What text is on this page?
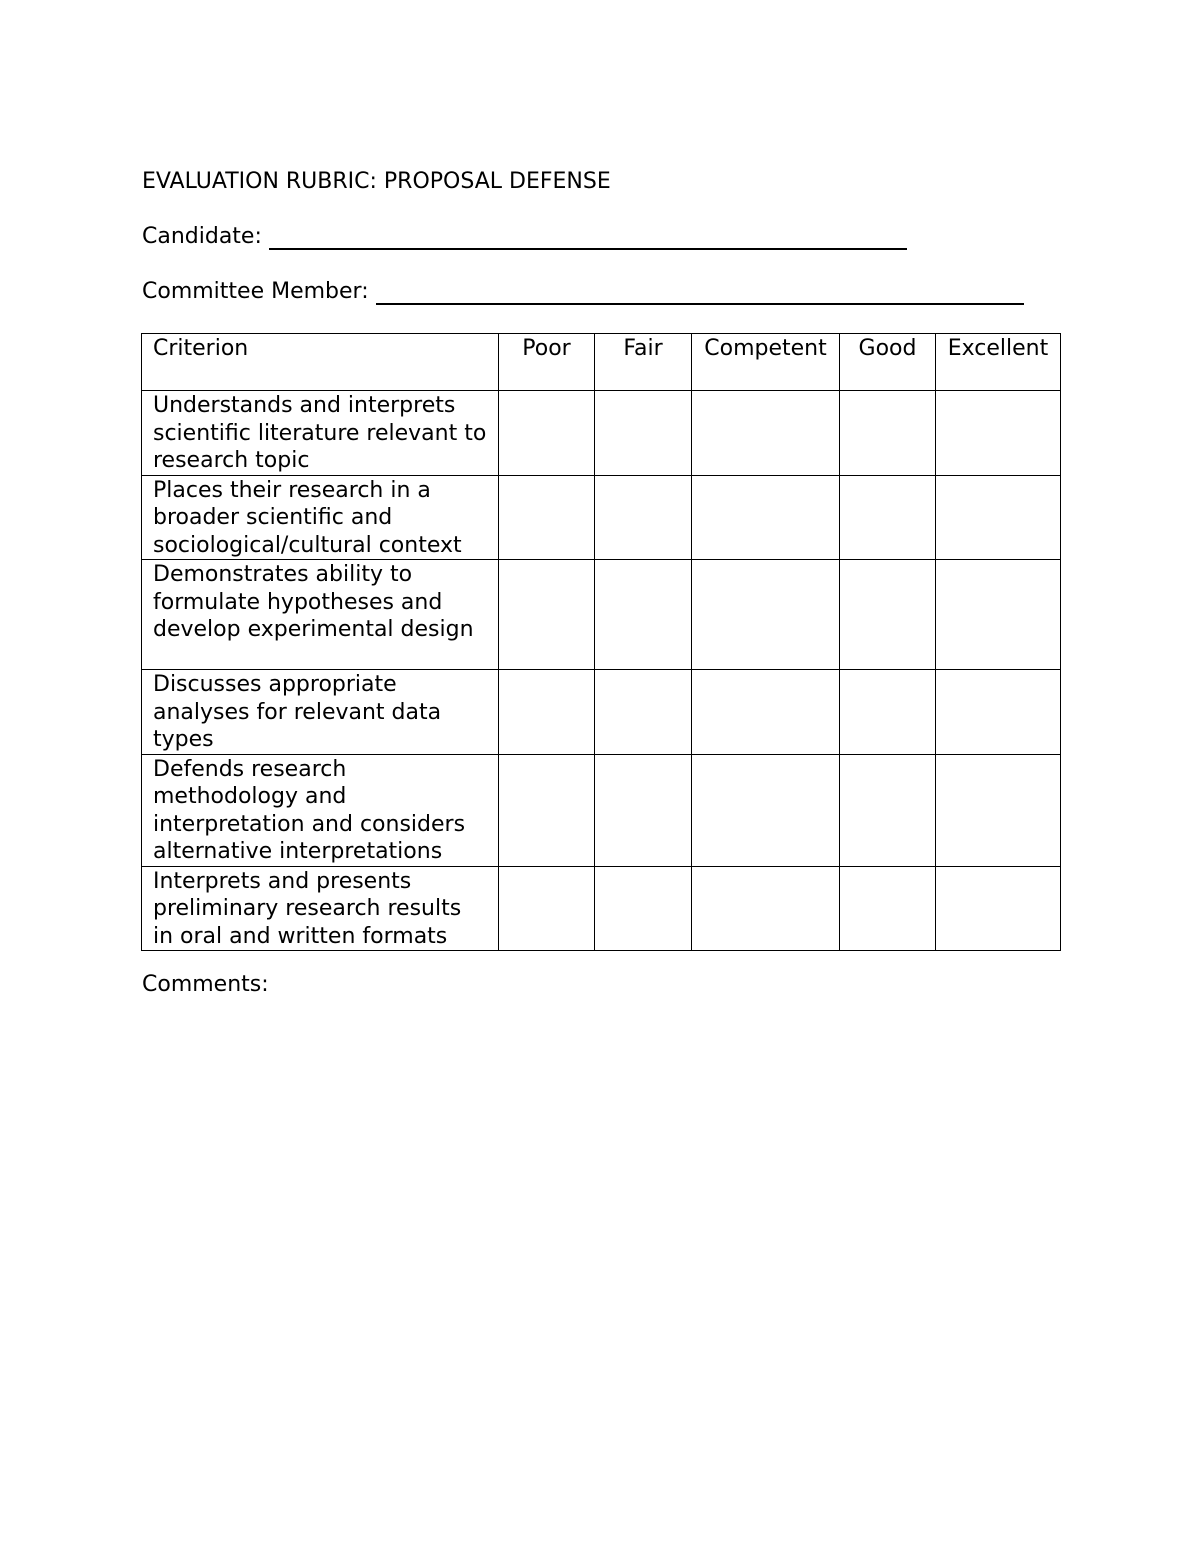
EVALUATION RUBRIC: PROPOSAL DEFENSE
Candidate:
Committee Member:
Criterion	Poor	Fair	Competent	Good	Excellent
Understands and interprets scientific literature relevant to research topic					
Places their research in a broader scientific and sociological/cultural context					
Demonstrates ability to formulate hypotheses and develop experimental design					
Discusses appropriate analyses for relevant data types					
Defends research methodology and interpretation and considers alternative interpretations					
Interprets and presents preliminary research results in oral and written formats					
Comments:
